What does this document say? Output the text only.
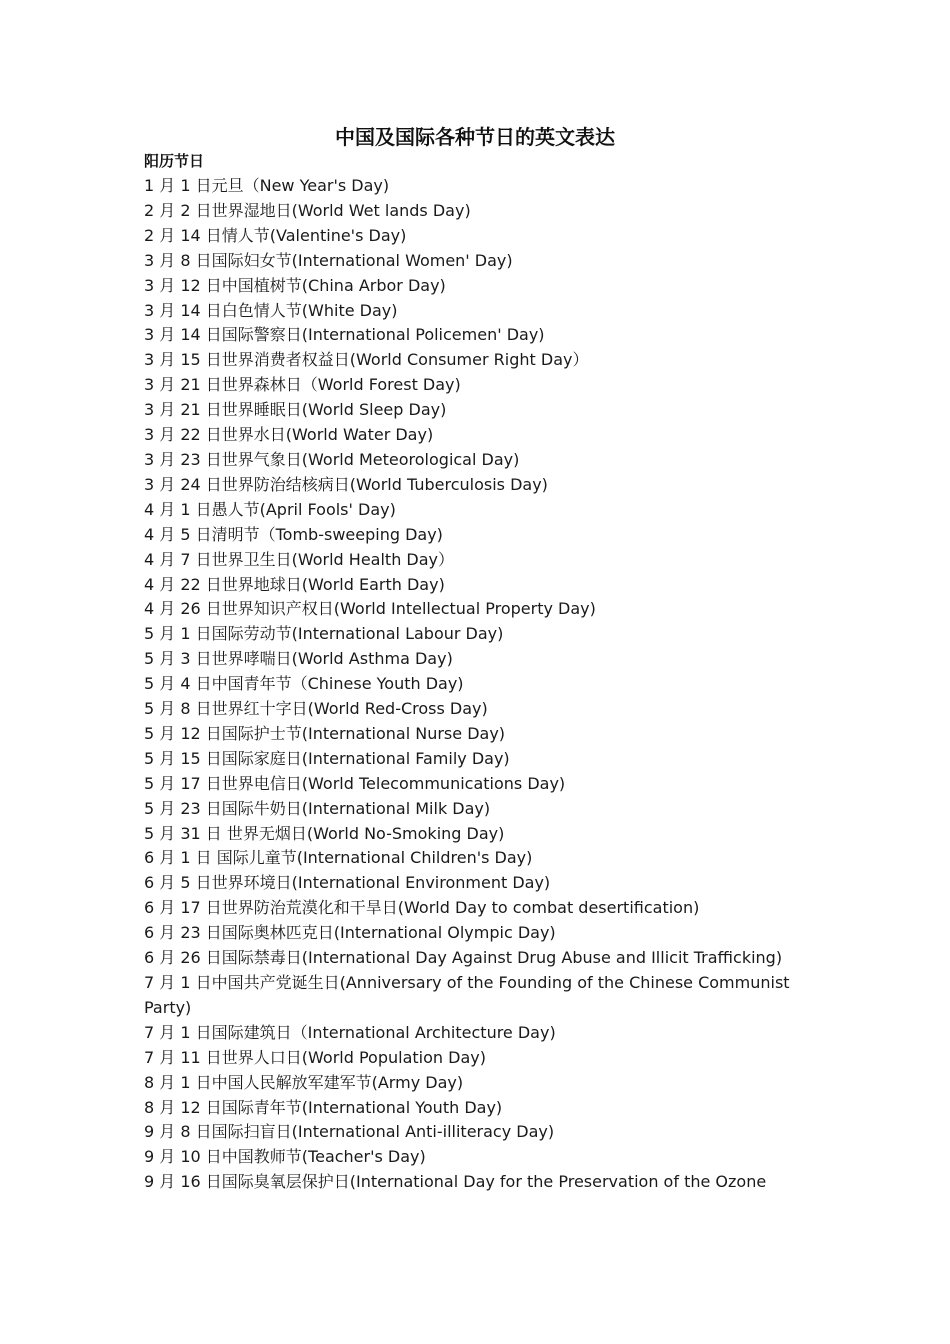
中国及国际各种节日的英文表达
阳历节日
1 月 1 日元旦（New Year's Day)
2 月 2 日世界湿地日(World Wet lands Day)
2 月 14 日情人节(Valentine's Day)
3 月 8 日国际妇女节(International Women' Day)
3 月 12 日中国植树节(China Arbor Day)
3 月 14 日白色情人节(White Day)
3 月 14 日国际警察日(International Policemen' Day)
3 月 15 日世界消费者权益日(World Consumer Right Day）
3 月 21 日世界森林日（World Forest Day)
3 月 21 日世界睡眠日(World Sleep Day)
3 月 22 日世界水日(World Water Day)
3 月 23 日世界气象日(World Meteorological Day)
3 月 24 日世界防治结核病日(World Tuberculosis Day)
4 月 1 日愚人节(April Fools' Day)
4 月 5 日清明节（Tomb-sweeping Day)
4 月 7 日世界卫生日(World Health Day）
4 月 22 日世界地球日(World Earth Day)
4 月 26 日世界知识产权日(World Intellectual Property Day)
5 月 1 日国际劳动节(International Labour Day)
5 月 3 日世界哮喘日(World Asthma Day)
5 月 4 日中国青年节（Chinese Youth Day)
5 月 8 日世界红十字日(World Red-Cross Day)
5 月 12 日国际护士节(International Nurse Day)
5 月 15 日国际家庭日(International Family Day)
5 月 17 日世界电信日(World Telecommunications Day)
5 月 23 日国际牛奶日(International Milk Day)
5 月 31 日 世界无烟日(World No-Smoking Day)
6 月 1 日 国际儿童节(International Children's Day)
6 月 5 日世界环境日(International Environment Day)
6 月 17 日世界防治荒漠化和干旱日(World Day to combat desertification)
6 月 23 日国际奥林匹克日(International Olympic Day)
6 月 26 日国际禁毒日(International Day Against Drug Abuse and Illicit Trafficking)
7 月 1 日中国共产党诞生日(Anniversary of the Founding of the Chinese Communist Party)
7 月 1 日国际建筑日（International Architecture Day)
7 月 11 日世界人口日(World Population Day)
8 月 1 日中国人民解放军建军节(Army Day)
8 月 12 日国际青年节(International Youth Day)
9 月 8 日国际扫盲日(International Anti-illiteracy Day)
9 月 10 日中国教师节(Teacher's Day)
9 月 16 日国际臭氧层保护日(International Day for the Preservation of the Ozone
